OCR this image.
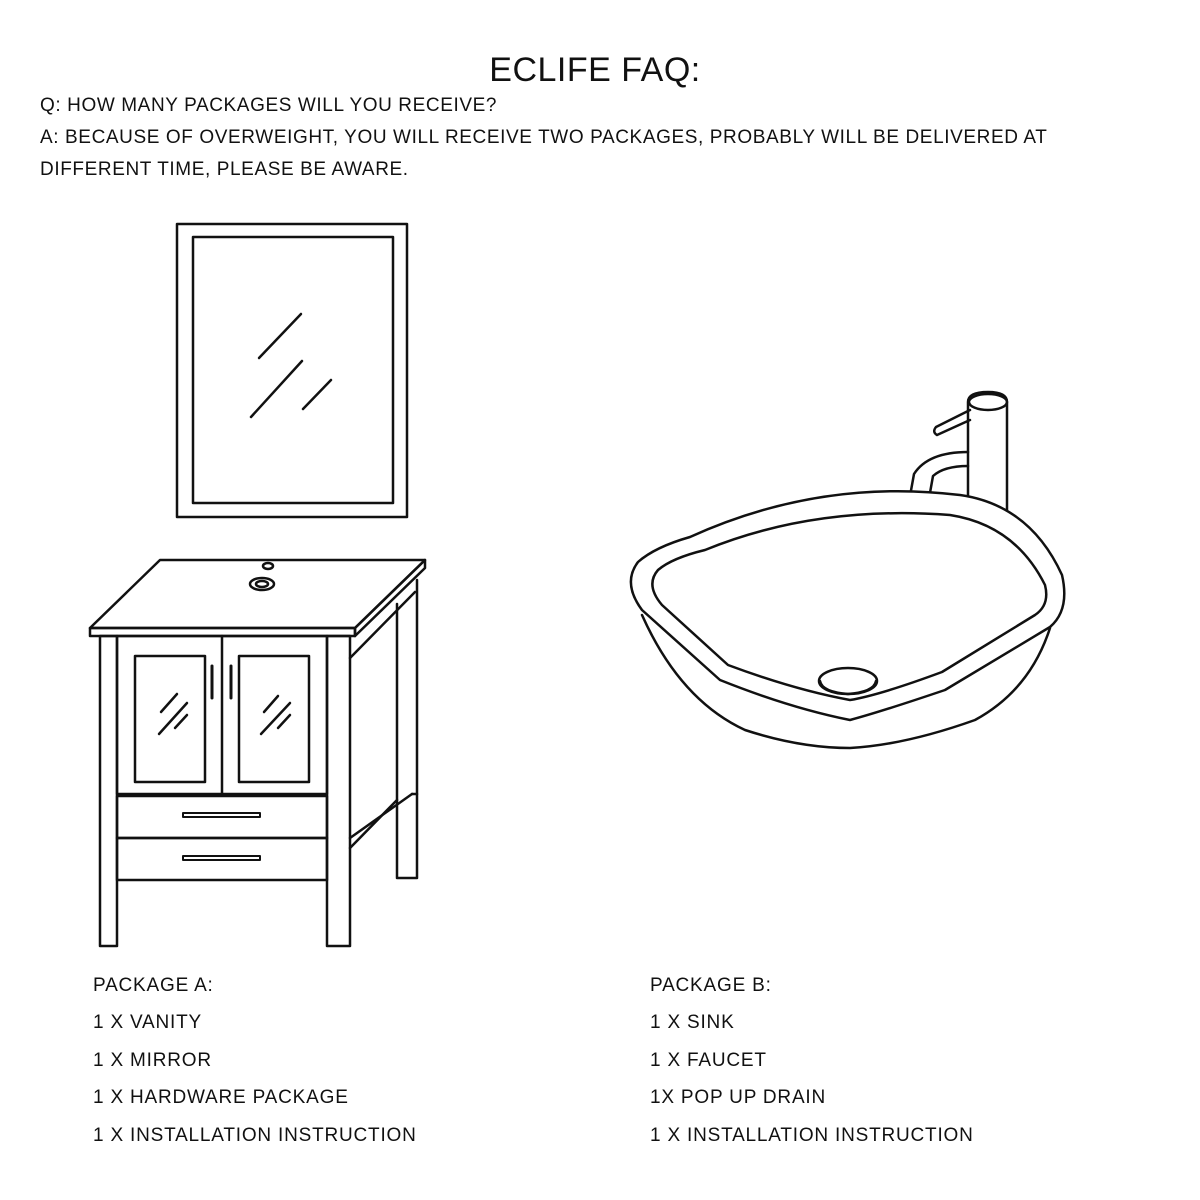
ECLIFE FAQ:

Q: HOW MANY PACKAGES WILL YOU RECEIVE?

A: BECAUSE OF OVERWEIGHT, YOU WILL RECEIVE TWO PACKAGES, PROBABLY WILL BE DELIVERED AT DIFFERENT TIME, PLEASE BE AWARE.

PACKAGE A:

1 X VANITY
1 X MIRROR
1 X HARDWARE PACKAGE
1 X INSTALLATION INSTRUCTION

PACKAGE B:

1 X SINK
1 X FAUCET
1X POP UP DRAIN
1 X INSTALLATION INSTRUCTION
